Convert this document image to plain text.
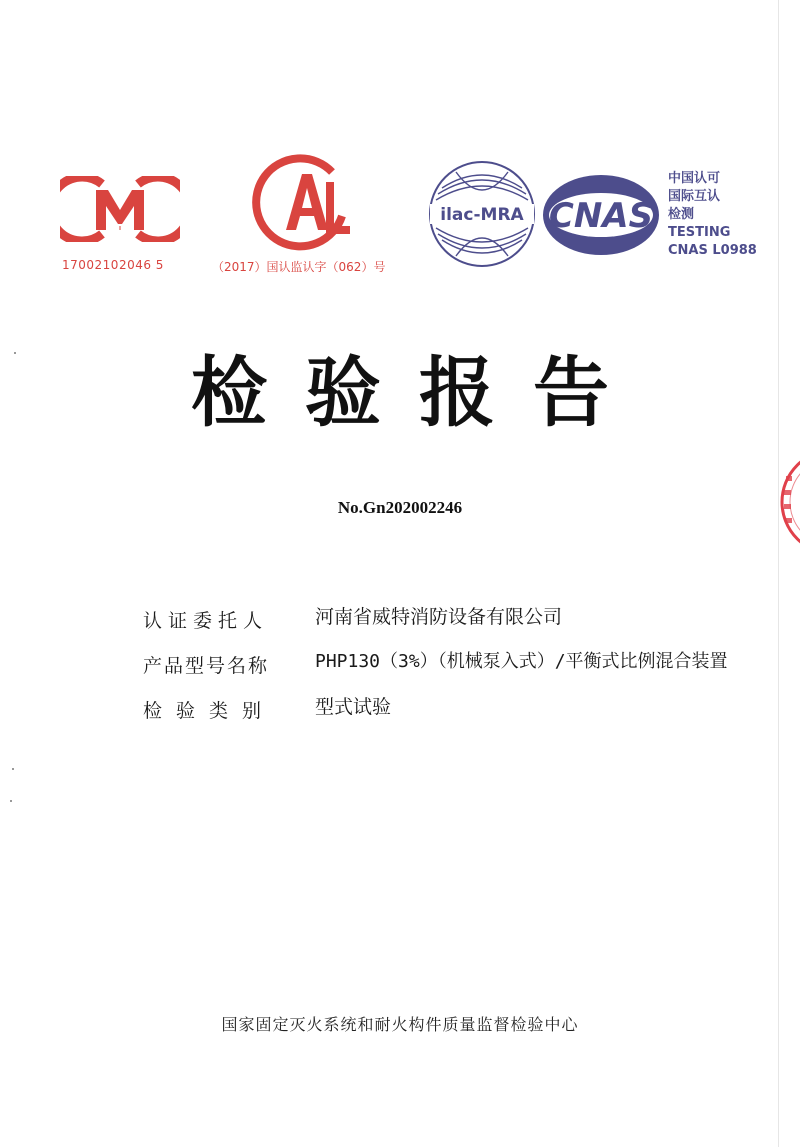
17002102046 5	（2017）国认监认字（062）号
ilac-MRA CNAS
中国认可
国际互认
检测
TESTING
CNAS L0988
检验报告
No.Gn202002246
认证委托人	河南省威特消防设备有限公司
产品型号名称	PHP130（3%）（机械泵入式）/平衡式比例混合装置
检验类别	型式试验
国家固定灭火系统和耐火构件质量监督检验中心
